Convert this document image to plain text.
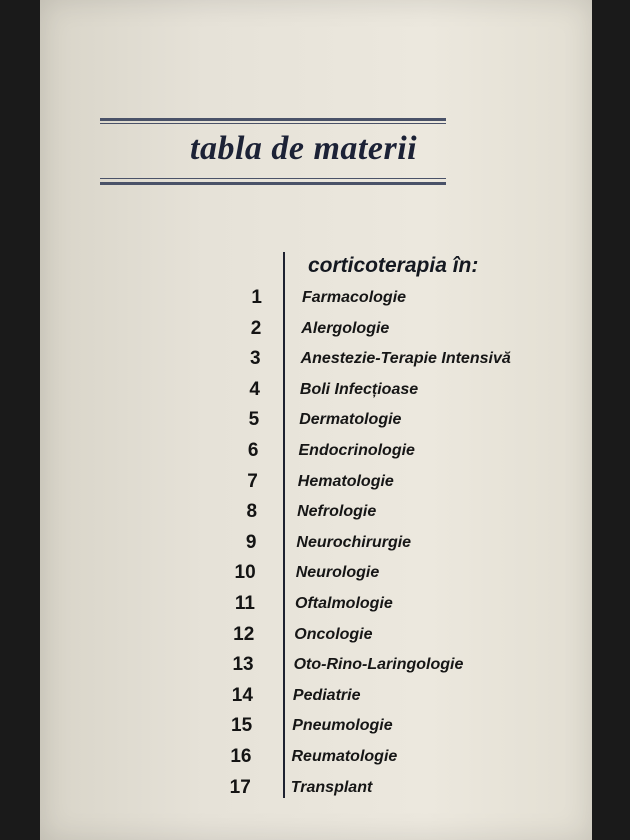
tabla de materii
corticoterapia în:
1	Farmacologie
2	Alergologie
3	Anestezie-Terapie Intensivă
4	Boli Infecțioase
5	Dermatologie
6	Endocrinologie
7	Hematologie
8	Nefrologie
9	Neurochirurgie
10	Neurologie
11	Oftalmologie
12	Oncologie
13	Oto-Rino-Laringologie
14	Pediatrie
15	Pneumologie
16	Reumatologie
17	Transplant
